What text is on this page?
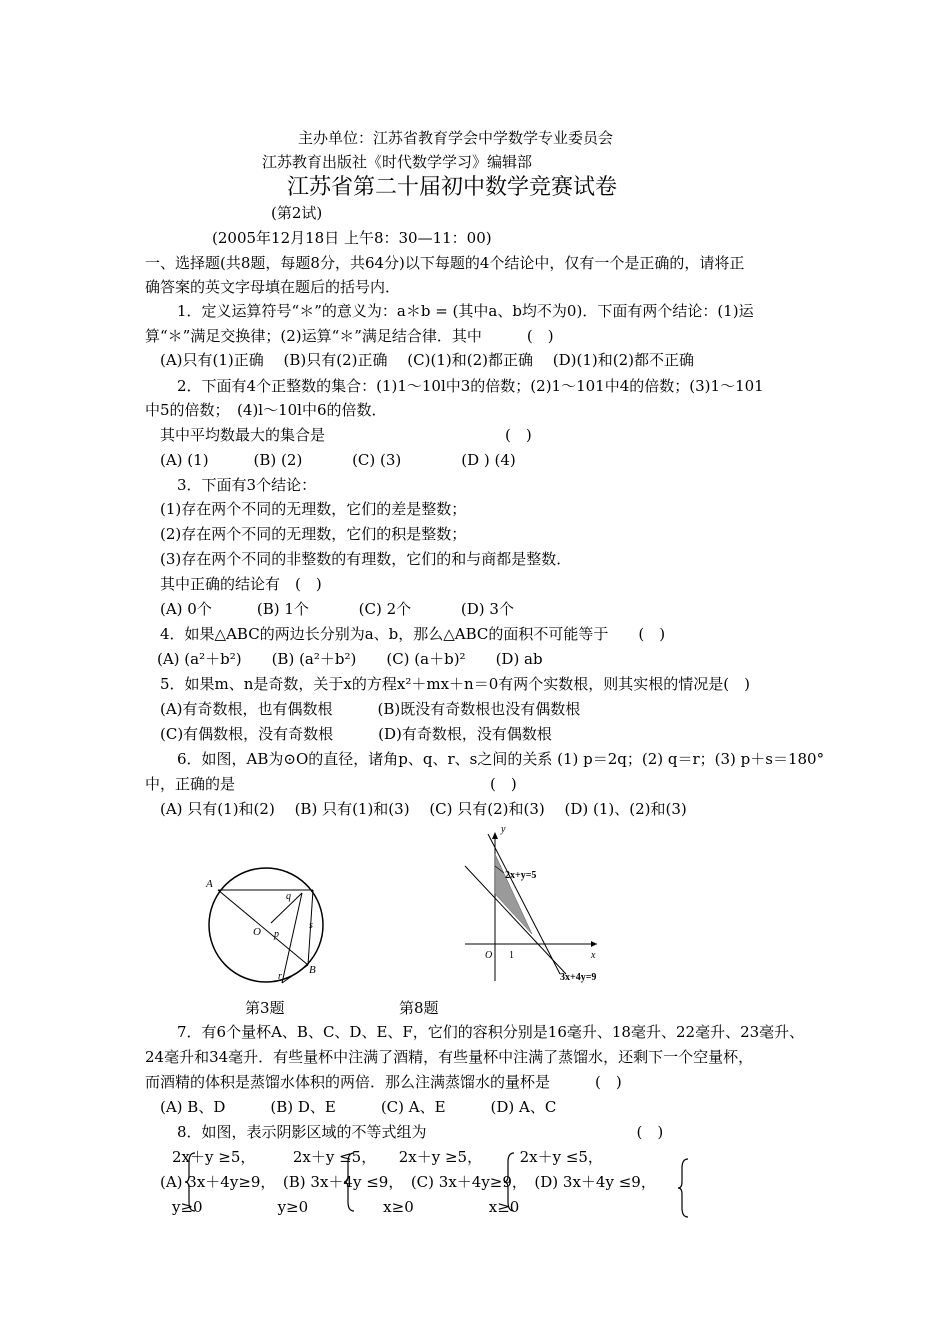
主办单位：江苏省教育学会中学数学专业委员会
江苏教育出版社《时代数学学习》编辑部
江苏省第二十届初中数学竞赛试卷
(第2试)
(2005年12月18日 上午8：30—11：00)
一、选择题(共8题，每题8分，共64分)以下每题的4个结论中，仅有一个是正确的，请将正
确答案的英文字母填在题后的括号内．
1．定义运算符号“＊”的意义为：a＊b = (其中a、b均不为0)．下面有两个结论：(1)运
算“＊”满足交换律；(2)运算“＊”满足结合律．其中　　　(　)
(A)只有(1)正确　 (B)只有(2)正确　 (C)(1)和(2)都正确　 (D)(1)和(2)都不正确
2．下面有4个正整数的集合：(1)1～10l中3的倍数；(2)1～101中4的倍数；(3)1～101
中5的倍数；　(4)l～10l中6的倍数．
其中平均数最大的集合是　　　　　　　　　　　　(　)
(A) (1)　　　(B) (2)　　　 (C) (3)　　　　(D ) (4)
3．下面有3个结论：
(1)存在两个不同的无理数，它们的差是整数；
(2)存在两个不同的无理数，它们的积是整数；
(3)存在两个不同的非整数的有理数，它们的和与商都是整数．
其中正确的结论有　(　)
(A) 0个　　　(B) 1个　　　 (C) 2个　　　 (D) 3个
4．如果△ABC的两边长分别为a、b，那么△ABC的面积不可能等于　　(　)
(A) (a²＋b²)　　(B) (a²＋b²)　　(C) (a＋b)²　　(D) ab
5．如果m、n是奇数，关于x的方程x²＋mx＋n＝0有两个实数根，则其实根的情况是(　)
(A)有奇数根，也有偶数根　　　(B)既没有奇数根也没有偶数根
(C)有偶数根，没有奇数根　　　(D)有奇数根，没有偶数根
6．如图，AB为⊙O的直径，诸角p、q、r、s之间的关系 (1) p＝2q；(2) q＝r；(3) p＋s＝180°
中，正确的是　　　　　　　　　　　　　　　　　(　)
(A) 只有(1)和(2)　 (B) 只有(1)和(3)　 (C) 只有(2)和(3)　 (D) (1)、(2)和(3)
A
q
p
s
O
r
B
y
2x+y=5
O 1	x
3x+4y=9
第3题	第8题
7．有6个量杯A、B、C、D、E、F，它们的容积分别是16毫升、18毫升、22毫升、23毫升、
24毫升和34毫升．有些量杯中注满了酒精，有些量杯中注满了蒸馏水，还剩下一个空量杯，
而酒精的体积是蒸馏水体积的两倍．那么注满蒸馏水的量杯是　　　(　)
(A) B、D　　　(B) D、E　　　(C) A、E　　　(D) A、C
8．如图，表示阴影区域的不等式组为　　　　　　　　　　　　　　(　)
2x＋y ≥5，　　　2x＋y ≤5，　　2x＋y ≥5，　　　2x＋y ≤5，
(A) 3x＋4y≥9，　(B) 3x＋4y ≤9，　(C) 3x＋4y≥9，　(D) 3x＋4y ≤9，
y≥0　　　　　y≥0　　　　　x≥0　　　　　x≥0
